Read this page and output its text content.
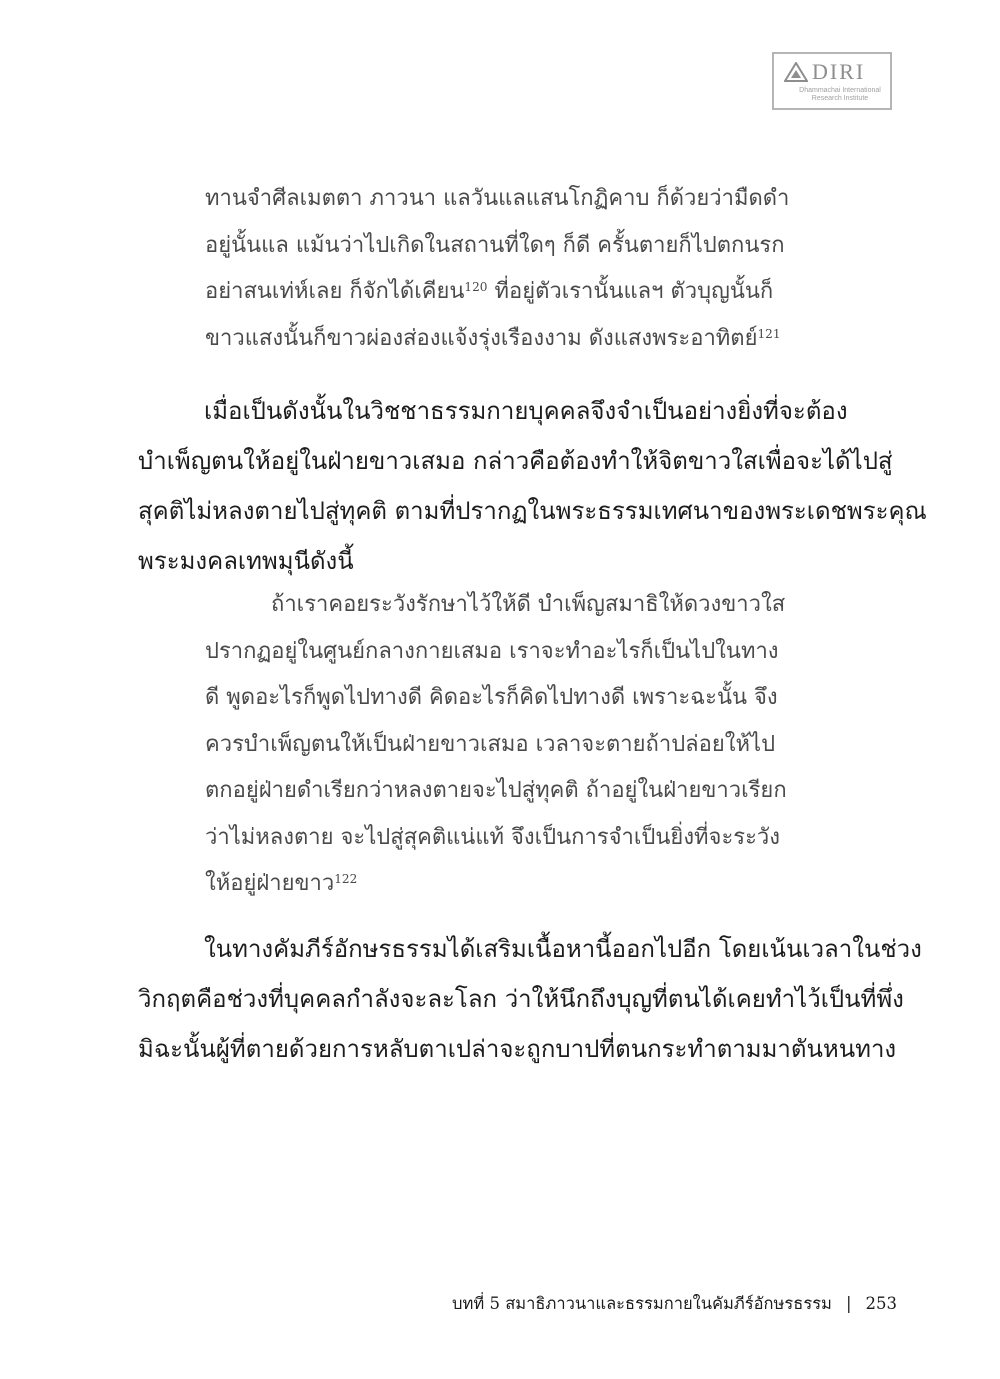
DIRI
Dhammachai International
Research Institute
ทานจำศีลเมตตา ภาวนา แลวันแลแสนโกฏิคาบ ก็ด้วยว่ามืดดำ
อยู่นั้นแล แม้นว่าไปเกิดในสถานที่ใดๆ ก็ดี ครั้นตายก็ไปตกนรก
อย่าสนเท่ห์เลย ก็จักได้เคียน$^{120}$ ที่อยู่ตัวเรานั้นแลฯ ตัวบุญนั้นก็
ขาวแสงนั้นก็ขาวผ่องส่องแจ้งรุ่งเรืองงาม ดังแสงพระอาทิตย์$^{121}$
เมื่อเป็นดังนั้นในวิชชาธรรมกายบุคคลจึงจำเป็นอย่างยิ่งที่จะต้อง
บำเพ็ญตนให้อยู่ในฝ่ายขาวเสมอ กล่าวคือต้องทำให้จิตขาวใสเพื่อจะได้ไปสู่
สุคติไม่หลงตายไปสู่ทุคติ ตามที่ปรากฏในพระธรรมเทศนาของพระเดชพระคุณ
พระมงคลเทพมุนีดังนี้
ถ้าเราคอยระวังรักษาไว้ให้ดี บำเพ็ญสมาธิให้ดวงขาวใส
ปรากฏอยู่ในศูนย์กลางกายเสมอ เราจะทำอะไรก็เป็นไปในทาง
ดี พูดอะไรก็พูดไปทางดี คิดอะไรก็คิดไปทางดี เพราะฉะนั้น จึง
ควรบำเพ็ญตนให้เป็นฝ่ายขาวเสมอ เวลาจะตายถ้าปล่อยให้ไป
ตกอยู่ฝ่ายดำเรียกว่าหลงตายจะไปสู่ทุคติ ถ้าอยู่ในฝ่ายขาวเรียก
ว่าไม่หลงตาย จะไปสู่สุคติแน่แท้ จึงเป็นการจำเป็นยิ่งที่จะระวัง
ให้อยู่ฝ่ายขาว$^{122}$
ในทางคัมภีร์อักษรธรรมได้เสริมเนื้อหานี้ออกไปอีก โดยเน้นเวลาในช่วง
วิกฤตคือช่วงที่บุคคลกำลังจะละโลก ว่าให้นึกถึงบุญที่ตนได้เคยทำไว้เป็นที่พึ่ง
มิฉะนั้นผู้ที่ตายด้วยการหลับตาเปล่าจะถูกบาปที่ตนกระทำตามมาตันหนทาง
บทที่ 5 สมาธิภาวนาและธรรมกายในคัมภีร์อักษรธรรม | 253
